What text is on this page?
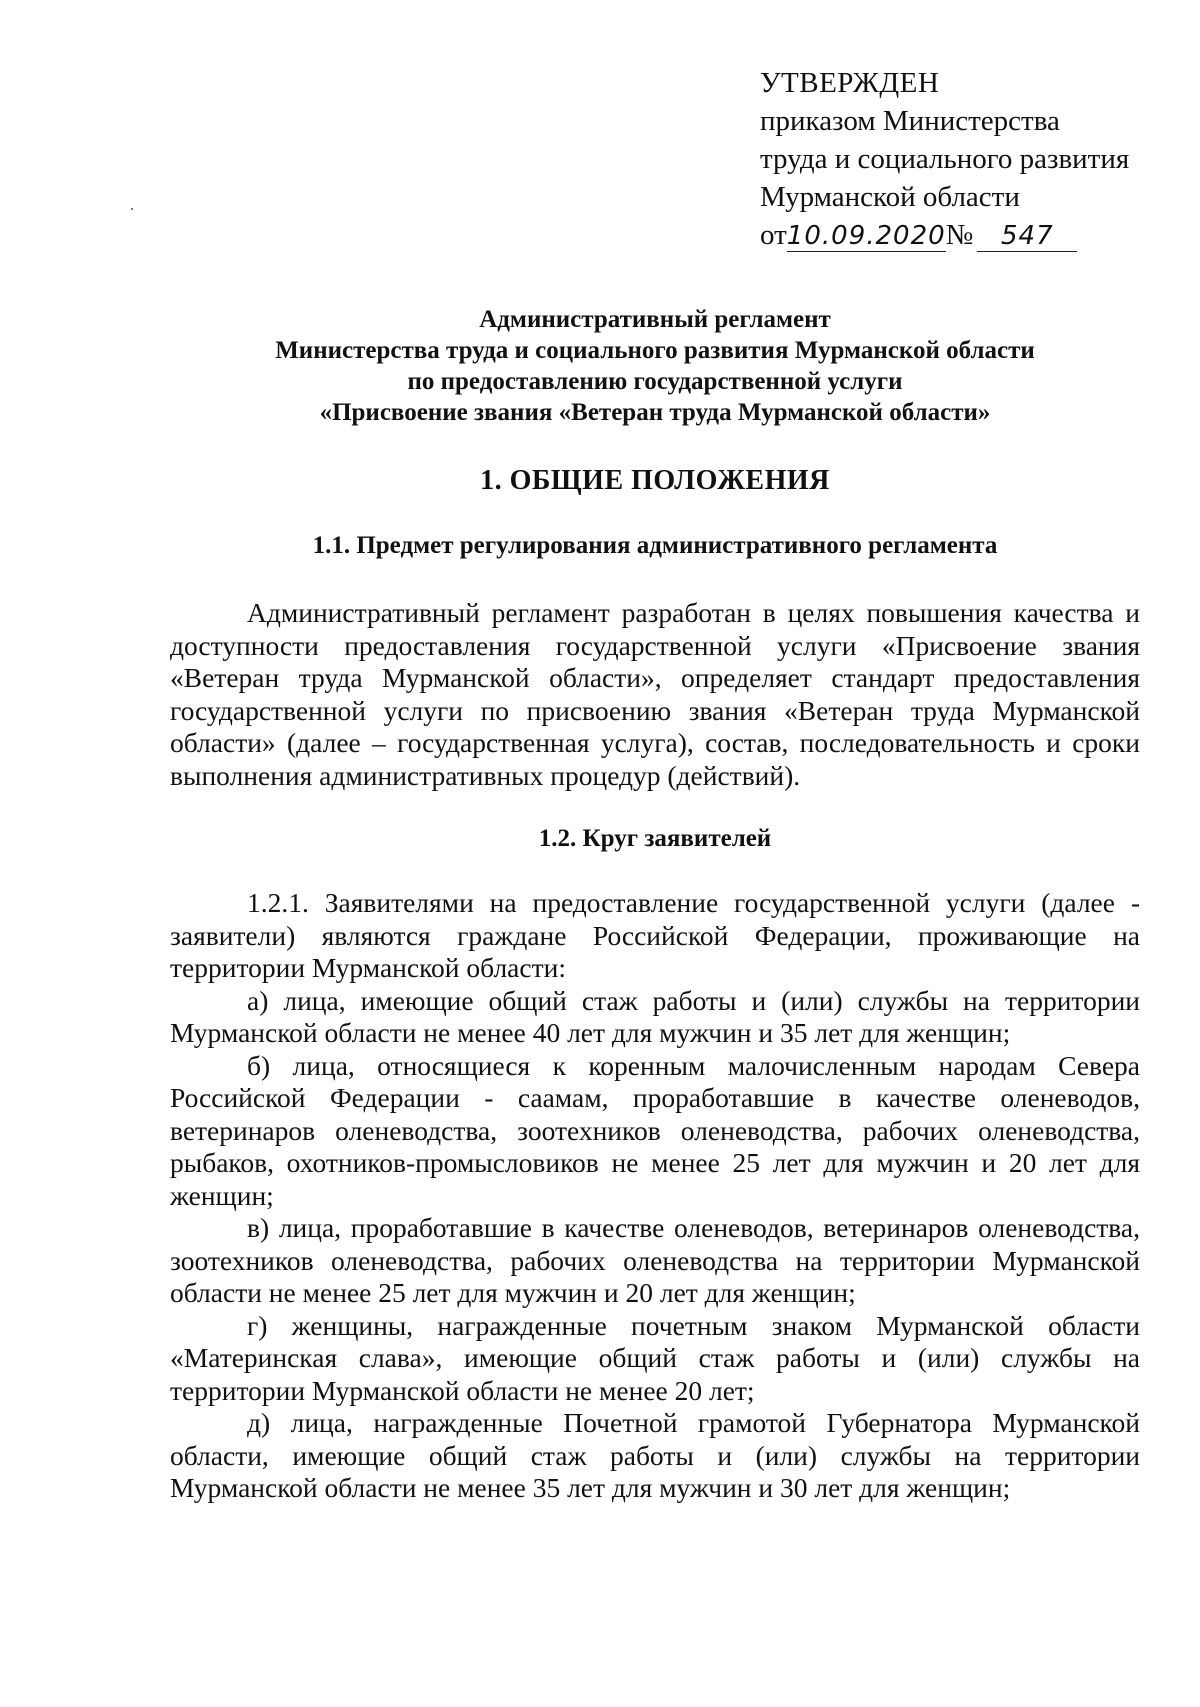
УТВЕРЖДЕН
приказом Министерства
труда и социального развития
Мурманской области
от10.09.2020№ 547
Административный регламент
Министерства труда и социального развития Мурманской области
по предоставлению государственной услуги
«Присвоение звания «Ветеран труда Мурманской области»
1. ОБЩИЕ ПОЛОЖЕНИЯ
1.1. Предмет регулирования административного регламента

Административный регламент разработан в целях повышения качества и доступности предоставления государственной услуги «Присвоение звания «Ветеран труда Мурманской области», определяет стандарт предоставления государственной услуги по присвоению звания «Ветеран труда Мурманской области» (далее – государственная услуга), состав, последовательность и сроки выполнения административных процедур (действий).

1.2. Круг заявителей

1.2.1. Заявителями на предоставление государственной услуги (далее - заявители) являются граждане Российской Федерации, проживающие на территории Мурманской области:

а) лица, имеющие общий стаж работы и (или) службы на территории Мурманской области не менее 40 лет для мужчин и 35 лет для женщин;

б) лица, относящиеся к коренным малочисленным народам Севера Российской Федерации - саамам, проработавшие в качестве оленеводов, ветеринаров оленеводства, зоотехников оленеводства, рабочих оленеводства, рыбаков, охотников-промысловиков не менее 25 лет для мужчин и 20 лет для женщин;

в) лица, проработавшие в качестве оленеводов, ветеринаров оленеводства, зоотехников оленеводства, рабочих оленеводства на территории Мурманской области не менее 25 лет для мужчин и 20 лет для женщин;

г) женщины, награжденные почетным знаком Мурманской области «Материнская слава», имеющие общий стаж работы и (или) службы на территории Мурманской области не менее 20 лет;

д) лица, награжденные Почетной грамотой Губернатора Мурманской области, имеющие общий стаж работы и (или) службы на территории Мурманской области не менее 35 лет для мужчин и 30 лет для женщин;
